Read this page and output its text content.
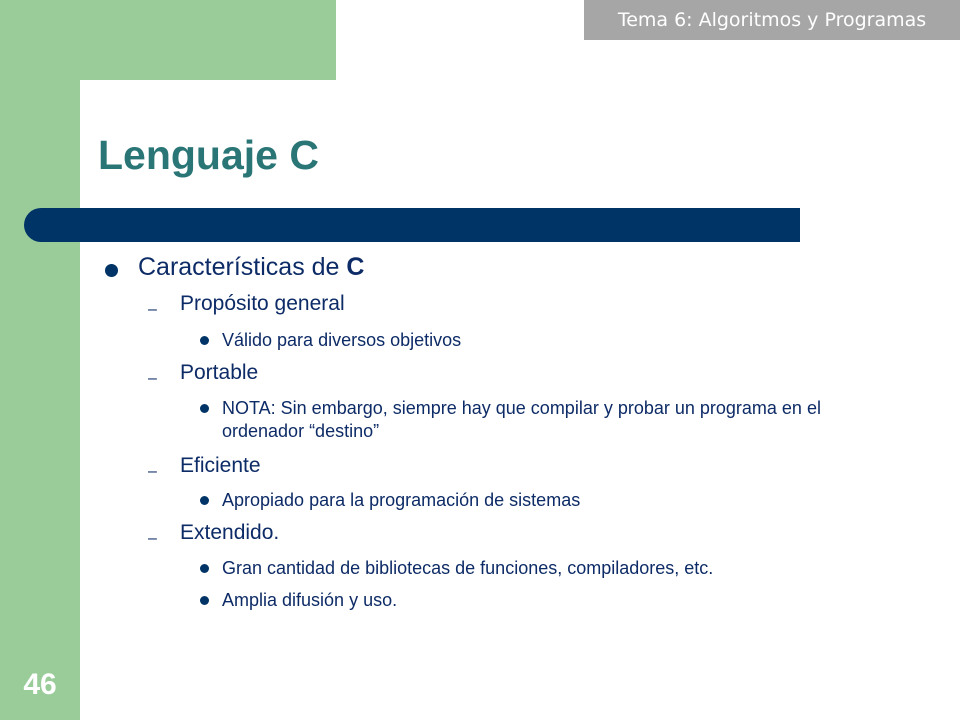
Tema 6: Algoritmos y Programas
Lenguaje C
Características de C
– Propósito general
Válido para diversos objetivos
– Portable
NOTA: Sin embargo, siempre hay que compilar y probar un programa en el ordenador “destino”
– Eficiente
Apropiado para la programación de sistemas
– Extendido.
Gran cantidad de bibliotecas de funciones, compiladores, etc.
Amplia difusión y uso.
46
